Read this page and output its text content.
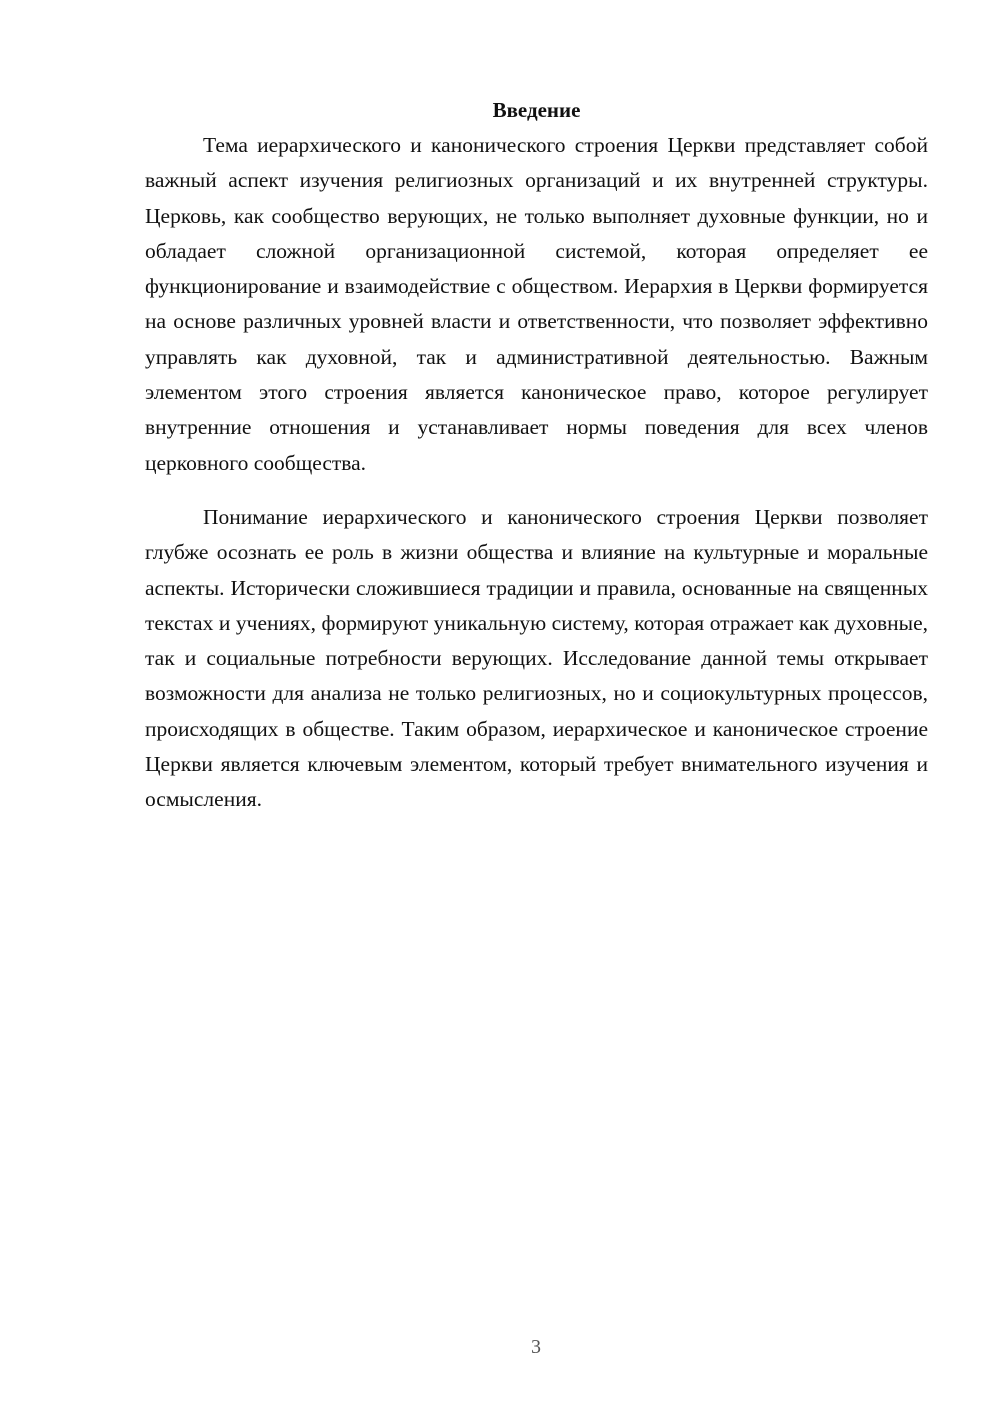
Введение

Тема иерархического и канонического строения Церкви представляет собой важный аспект изучения религиозных организаций и их внутренней структуры. Церковь, как сообщество верующих, не только выполняет духовные функции, но и обладает сложной организационной системой, которая определяет ее функционирование и взаимодействие с обществом. Иерархия в Церкви формируется на основе различных уровней власти и ответственности, что позволяет эффективно управлять как духовной, так и административной деятельностью. Важным элементом этого строения является каноническое право, которое регулирует внутренние отношения и устанавливает нормы поведения для всех членов церковного сообщества.

Понимание иерархического и канонического строения Церкви позволяет глубже осознать ее роль в жизни общества и влияние на культурные и моральные аспекты. Исторически сложившиеся традиции и правила, основанные на священных текстах и учениях, формируют уникальную систему, которая отражает как духовные, так и социальные потребности верующих. Исследование данной темы открывает возможности для анализа не только религиозных, но и социокультурных процессов, происходящих в обществе. Таким образом, иерархическое и каноническое строение Церкви является ключевым элементом, который требует внимательного изучения и осмысления.

3
